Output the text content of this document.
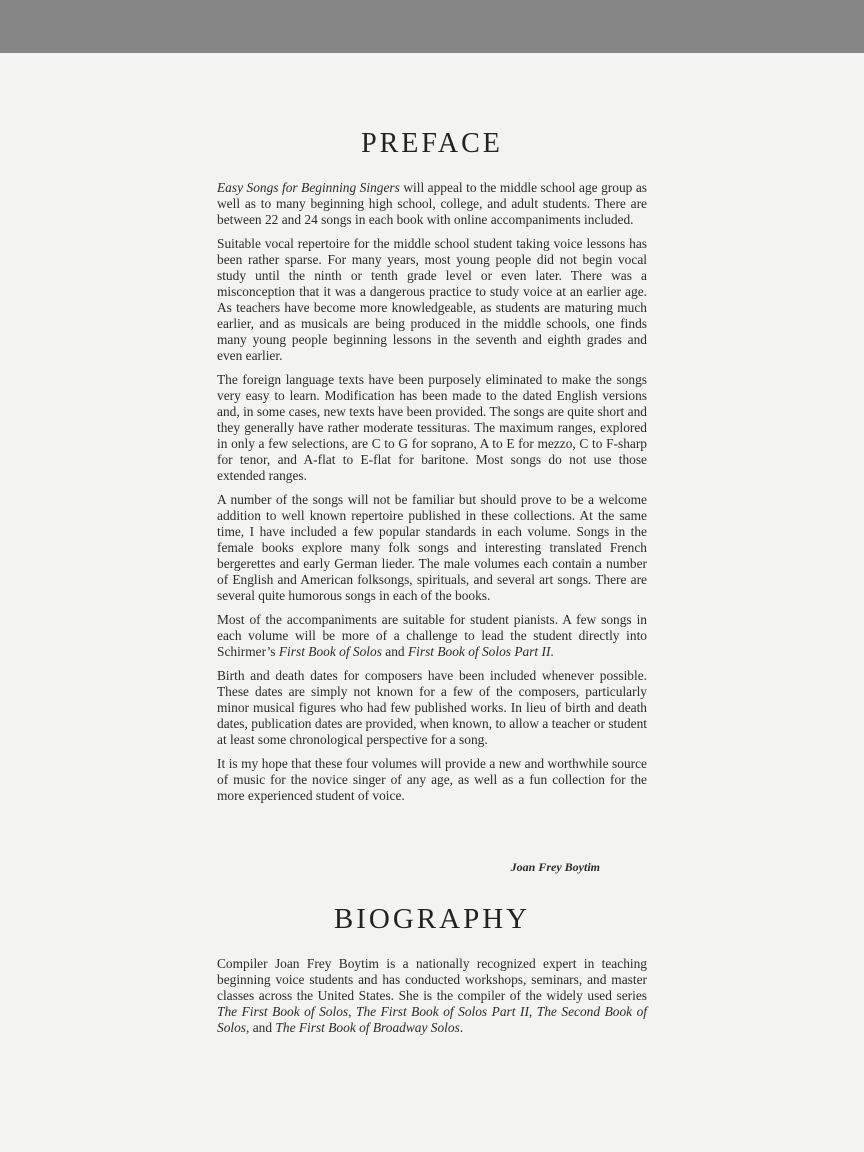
PREFACE

Easy Songs for Beginning Singers will appeal to the middle school age group as well as to many beginning high school, college, and adult students. There are between 22 and 24 songs in each book with online accompaniments included.

Suitable vocal repertoire for the middle school student taking voice lessons has been rather sparse. For many years, most young people did not begin vocal study until the ninth or tenth grade level or even later. There was a misconception that it was a dangerous practice to study voice at an earlier age. As teachers have become more knowledgeable, as students are maturing much earlier, and as musicals are being produced in the middle schools, one finds many young people beginning lessons in the seventh and eighth grades and even earlier.

The foreign language texts have been purposely eliminated to make the songs very easy to learn. Modification has been made to the dated English versions and, in some cases, new texts have been provided. The songs are quite short and they generally have rather moderate tessituras. The maximum ranges, explored in only a few selections, are C to G for soprano, A to E for mezzo, C to F-sharp for tenor, and A-flat to E-flat for baritone. Most songs do not use those extended ranges.

A number of the songs will not be familiar but should prove to be a welcome addition to well known repertoire published in these collections. At the same time, I have included a few popular standards in each volume. Songs in the female books explore many folk songs and interesting translated French bergerettes and early German lieder. The male volumes each contain a number of English and American folksongs, spirituals, and several art songs. There are several quite humorous songs in each of the books.

Most of the accompaniments are suitable for student pianists. A few songs in each volume will be more of a challenge to lead the student directly into Schirmer’s First Book of Solos and First Book of Solos Part II.

Birth and death dates for composers have been included whenever possible. These dates are simply not known for a few of the composers, particularly minor musical figures who had few published works. In lieu of birth and death dates, publication dates are provided, when known, to allow a teacher or student at least some chronological perspective for a song.

It is my hope that these four volumes will provide a new and worthwhile source of music for the novice singer of any age, as well as a fun collection for the more experienced student of voice.

Joan Frey Boytim
BIOGRAPHY

Compiler Joan Frey Boytim is a nationally recognized expert in teaching beginning voice students and has conducted workshops, seminars, and master classes across the United States. She is the compiler of the widely used series The First Book of Solos, The First Book of Solos Part II, The Second Book of Solos, and The First Book of Broadway Solos.
